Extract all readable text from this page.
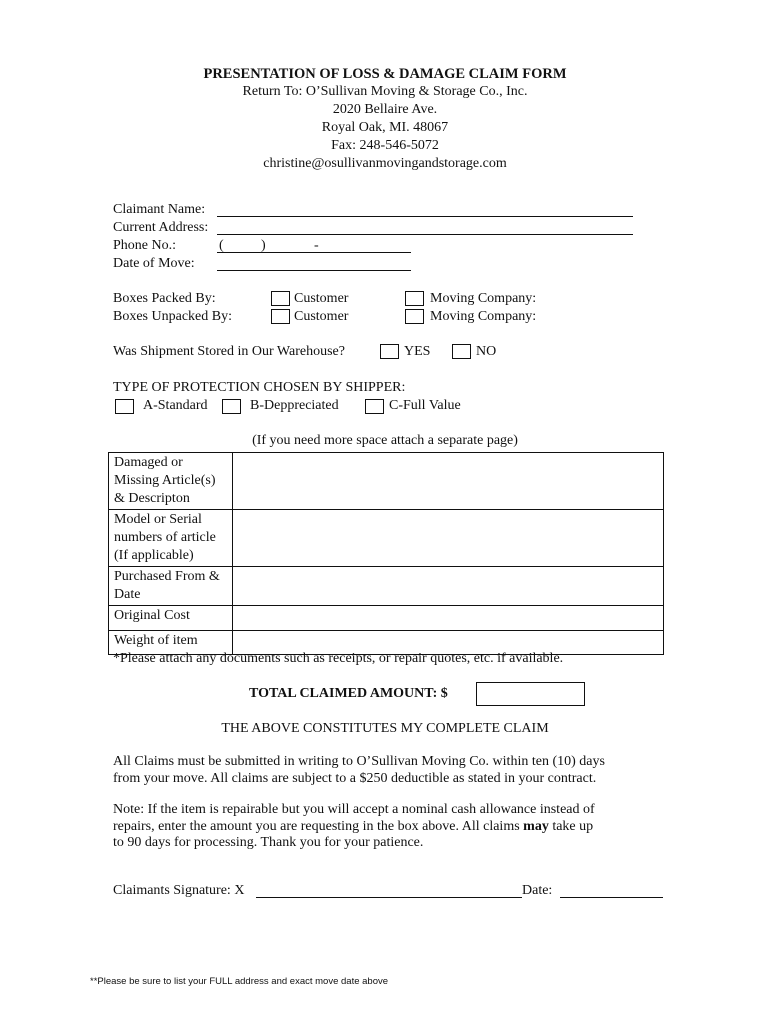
PRESENTATION OF LOSS & DAMAGE CLAIM FORM
Return To: O’Sullivan Moving & Storage Co., Inc.
2020 Bellaire Ave.
Royal Oak, MI. 48067
Fax: 248-546-5072
christine@osullivanmovingandstorage.com
Claimant Name:
Current Address:
Phone No.:	(	)	-
Date of Move:
Boxes Packed By:	Customer	Moving Company:
Boxes Unpacked By:	Customer	Moving Company:
Was Shipment Stored in Our Warehouse?	YES	NO
TYPE OF PROTECTION CHOSEN BY SHIPPER:
A-Standard	B-Deppreciated	C-Full Value
(If you need more space attach a separate page)
Damaged or Missing Article(s) & Descripton	
Model or Serial numbers of article (If applicable)	
Purchased From & Date	
Original Cost	
Weight of item	
*Please attach any documents such as receipts, or repair quotes, etc. if available.
TOTAL CLAIMED AMOUNT: $
THE ABOVE CONSTITUTES MY COMPLETE CLAIM
All Claims must be submitted in writing to O’Sullivan Moving Co. within ten (10) days
from your move. All claims are subject to a $250 deductible as stated in your contract.
Note: If the item is repairable but you will accept a nominal cash allowance instead of
repairs, enter the amount you are requesting in the box above. All claims may take up
to 90 days for processing. Thank you for your patience.
Claimants Signature: X	Date:
**Please be sure to list your FULL address and exact move date above
